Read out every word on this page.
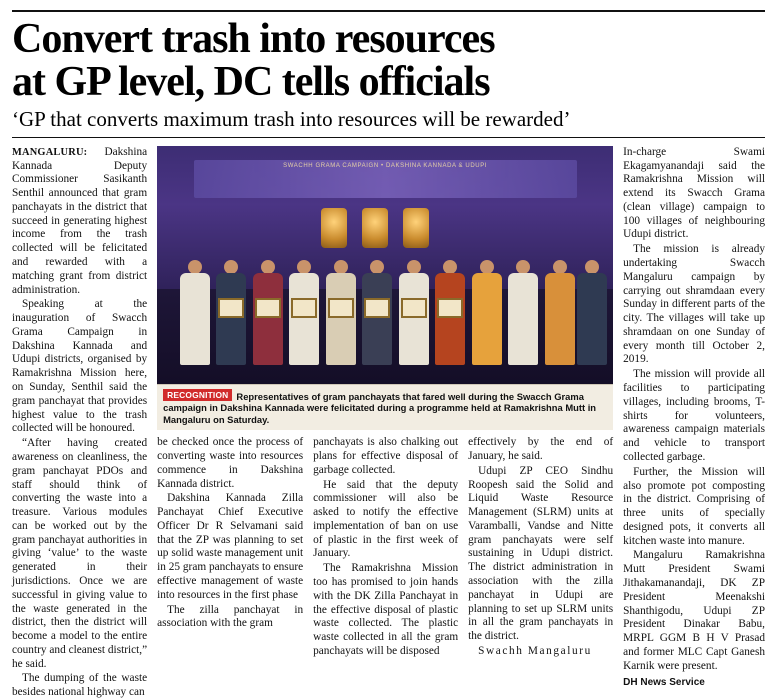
Convert trash into resources
at GP level, DC tells officials
‘GP that converts maximum trash into resources will be rewarded’

MANGALURU: Dakshina Kannada Deputy Commissioner Sasikanth Senthil announced that gram panchayats in the district that succeed in generating highest income from the trash collected will be felicitated and rewarded with a matching grant from district administration.

Speaking at the inauguration of Swacch Grama Campaign in Dakshina Kannada and Udupi districts, organised by Ramakrishna Mission here, on Sunday, Senthil said the gram panchayat that provides highest value to the trash collected will be honoured.

“After having created awareness on cleanliness, the gram panchayat PDOs and staff should think of converting the waste into a treasure. Various modules can be worked out by the gram panchayat authorities in giving ‘value’ to the waste generated in their jurisdictions. Once we are successful in giving value to the waste generated in the district, then the district will become a model to the entire country and cleanest district,” he said.

The dumping of the waste besides national highway can

SWACHH GRAMA CAMPAIGN • DAKSHINA KANNADA & UDUPI
RECOGNITION Representatives of gram panchayats that fared well during the Swacch Grama campaign in Dakshina Kannada were felicitated during a programme held at Ramakrishna Mutt in Mangaluru on Saturday.

be checked once the process of converting waste into resources commence in Dakshina Kannada district.

Dakshina Kannada Zilla Panchayat Chief Executive Officer Dr R Selvamani said that the ZP was planning to set up solid waste management unit in 25 gram panchayats to ensure effective management of waste into resources in the first phase

The zilla panchayat in association with the gram

panchayats is also chalking out plans for effective disposal of garbage collected.

He said that the deputy commissioner will also be asked to notify the effective implementation of ban on use of plastic in the first week of January.

The Ramakrishna Mission too has promised to join hands with the DK Zilla Panchayat in the effective disposal of plastic waste collected. The plastic waste collected in all the gram panchayats will be disposed

effectively by the end of January, he said.

Udupi ZP CEO Sindhu Roopesh said the Solid and Liquid Waste Resource Management (SLRM) units at Varamballi, Vandse and Nitte gram panchayats were self sustaining in Udupi district. The district administration in association with the zilla panchayat in Udupi are planning to set up SLRM units in all the gram panchayats in the district.

Swachh Mangaluru

In-charge Swami Ekagamyanandaji said the Ramakrishna Mission will extend its Swacch Grama (clean village) campaign to 100 villages of neighbouring Udupi district.

The mission is already undertaking Swacch Mangaluru campaign by carrying out shramdaan every Sunday in different parts of the city. The villages will take up shramdaan on one Sunday of every month till October 2, 2019.

The mission will provide all facilities to participating villages, including brooms, T-shirts for volunteers, awareness campaign materials and vehicle to transport collected garbage.

Further, the Mission will also promote pot composting in the district. Comprising of three units of specially designed pots, it converts all kitchen waste into manure.

Mangaluru Ramakrishna Mutt President Swami Jithakamanandaji, DK ZP President Meenakshi Shanthigodu, Udupi ZP President Dinakar Babu, MRPL GGM B H V Prasad and former MLC Capt Ganesh Karnik were present.

DH News Service
